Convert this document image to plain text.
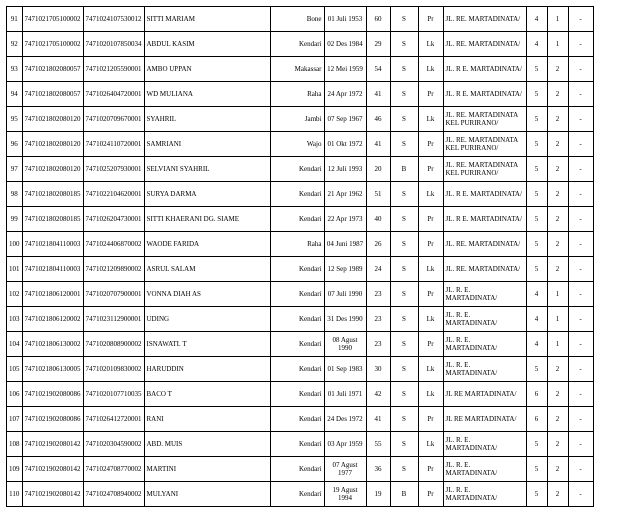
91	7471021705100002	7471024107530012	SITTI MARIAM	Bone	01 Juli 1953	60	S	Pr	JL. RE. MARTADINATA/	4	1	-
92	7471021705100002	7471020107850034	ABDUL KASIM	Kendari	02 Des 1984	29	S	Lk	JL. RE. MARTADINATA/	4	1	-
93	7471021802080057	7471021205590001	AMBO UPPAN	Makassar	12 Mei 1959	54	S	Lk	JL. R E. MARTADINATA/	5	2	-
94	7471021802080057	7471026404720001	WD MULIANA	Raha	24 Apr 1972	41	S	Pr	JL. R E. MARTADINATA/	5	2	-
95	7471021802080120	7471020709670001	SYAHRIL	Jambi	07 Sep 1967	46	S	Lk	JL. RE. MARTADINATA KEL PURIRANO/	5	2	-
96	7471021802080120	7471024110720001	SAMRIANI	Wajo	01 Okt 1972	41	S	Pr	JL. RE. MARTADINATA KEL PURIRANO/	5	2	-
97	7471021802080120	7471025207930001	SELVIANI SYAHRIL	Kendari	12 Juli 1993	20	B	Pr	JL. RE. MARTADINATA KEL PURIRANO/	5	2	-
98	7471021802080185	7471022104620001	SURYA DARMA	Kendari	21 Apr 1962	51	S	Lk	JL. R E. MARTADINATA/	5	2	-
99	7471021802080185	7471026204730001	SITTI KHAERANI DG. SIAME	Kendari	22 Apr 1973	40	S	Pr	JL. R E. MARTADINATA/	5	2	-
100	7471021804110003	7471024406870002	WAODE FARIDA	Raha	04 Juni 1987	26	S	Pr	JL. RE. MARTADINATA/	5	2	-
101	7471021804110003	7471021209890002	ASRUL SALAM	Kendari	12 Sep 1989	24	S	Lk	JL. RE. MARTADINATA/	5	2	-
102	7471021806120001	7471020707900001	VONNA DIAH AS	Kendari	07 Juli 1990	23	S	Pr	JL. R. E. MARTADINATA/	4	1	-
103	7471021806120002	7471023112900001	UDING	Kendari	31 Des 1990	23	S	Lk	JL. R. E. MARTADINATA/	4	1	-
104	7471021806130002	7471020808900002	ISNAWATI. T	Kendari	08 Agust 1990	23	S	Pr	JL. R. E. MARTADINATA/	4	1	-
105	7471021806130005	7471020109830002	HARUDDIN	Kendari	01 Sep 1983	30	S	Lk	JL. R. E. MARTADINATA/	5	2	-
106	7471021902080086	7471020107710035	BACO T	Kendari	01 Juli 1971	42	S	Lk	JL RE MARTADINATA/	6	2	-
107	7471021902080086	7471026412720001	RANI	Kendari	24 Des 1972	41	S	Pr	JL RE MARTADINATA/	6	2	-
108	7471021902080142	7471020304590002	ABD. MUIS	Kendari	03 Apr 1959	55	S	Lk	JL. R. E. MARTADINATA/	5	2	-
109	7471021902080142	7471024708770002	MARTINI	Kendari	07 Agust 1977	36	S	Pr	JL. R. E. MARTADINATA/	5	2	-
110	7471021902080142	7471024708940002	MULYANI	Kendari	19 Agust 1994	19	B	Pr	JL. R. E. MARTADINATA/	5	2	-
